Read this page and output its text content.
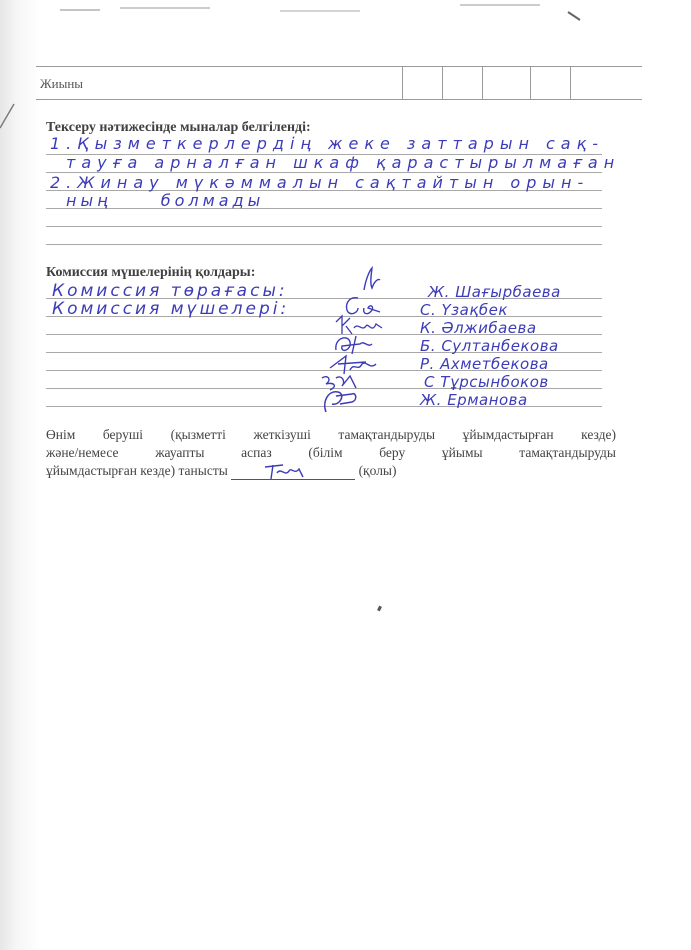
Жиыны
Тексеру нәтижесінде мыналар белгіленді:
1.Қызметкерлердің жеке заттарын сақ-
тауға арналған шкаф қарастырылмаған
2.Жинау мүкәммалын сақтайтын орын-
ның болмады
Комиссия мүшелерінің қолдары:
Комиссия төрағасы:
Комиссия мүшелері:
Ж. Шағырбаева
С. Үзақбек
К. Әлжибаева
Б. Султанбекова
Р. Ахметбекова
С Тұрсынбоков
Ж. Ерманова
Өнім беруші (қызметті жеткізуші тамақтандыруды ұйымдастырған кезде)
және/немесе жауапты аспаз (білім беру ұйымы тамақтандыруды
ұйымдастырған кезде) танысты	(қолы)
